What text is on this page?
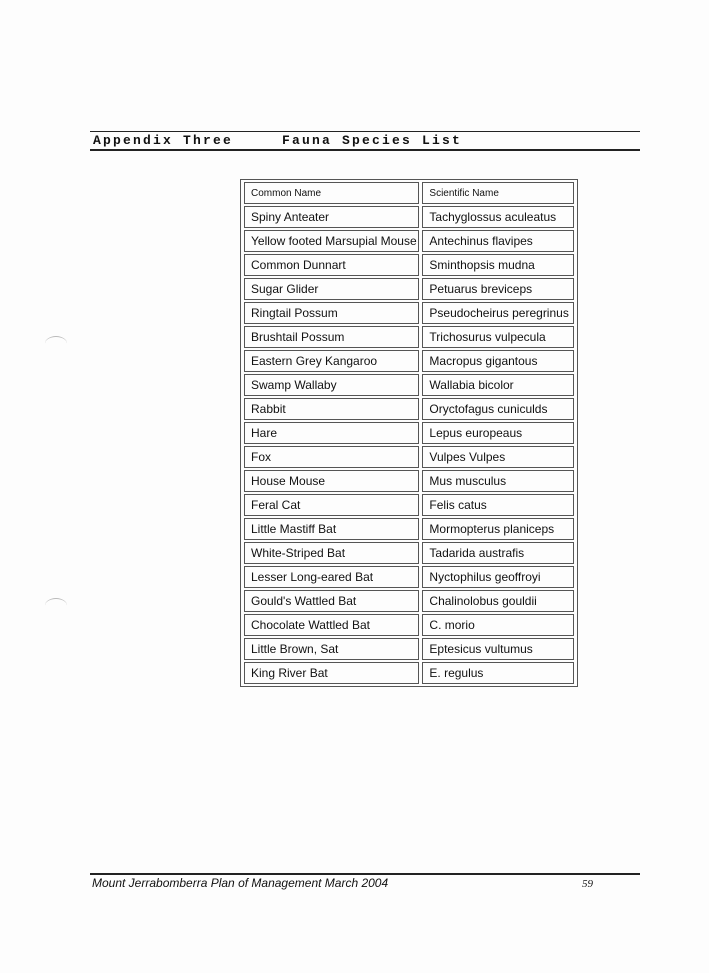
Appendix Three	Fauna Species List
Common Name	Scientific Name
Spiny Anteater	Tachyglossus aculeatus
Yellow footed Marsupial Mouse	Antechinus flavipes
Common Dunnart	Sminthopsis mudna
Sugar Glider	Petuarus breviceps
Ringtail Possum	Pseudocheirus peregrinus
Brushtail Possum	Trichosurus vulpecula
Eastern Grey Kangaroo	Macropus gigantous
Swamp Wallaby	Wallabia bicolor
Rabbit	Oryctofagus cuniculds
Hare	Lepus europeaus
Fox	Vulpes Vulpes
House Mouse	Mus musculus
Feral Cat	Felis catus
Little Mastiff Bat	Mormopterus planiceps
White-Striped Bat	Tadarida austrafis
Lesser Long-eared Bat	Nyctophilus geoffroyi
Gould's Wattled Bat	Chalinolobus gouldii
Chocolate Wattled Bat	C. morio
Little Brown, Sat	Eptesicus vultumus
King River Bat	E. regulus
Mount Jerrabomberra Plan of Management March 2004	59
